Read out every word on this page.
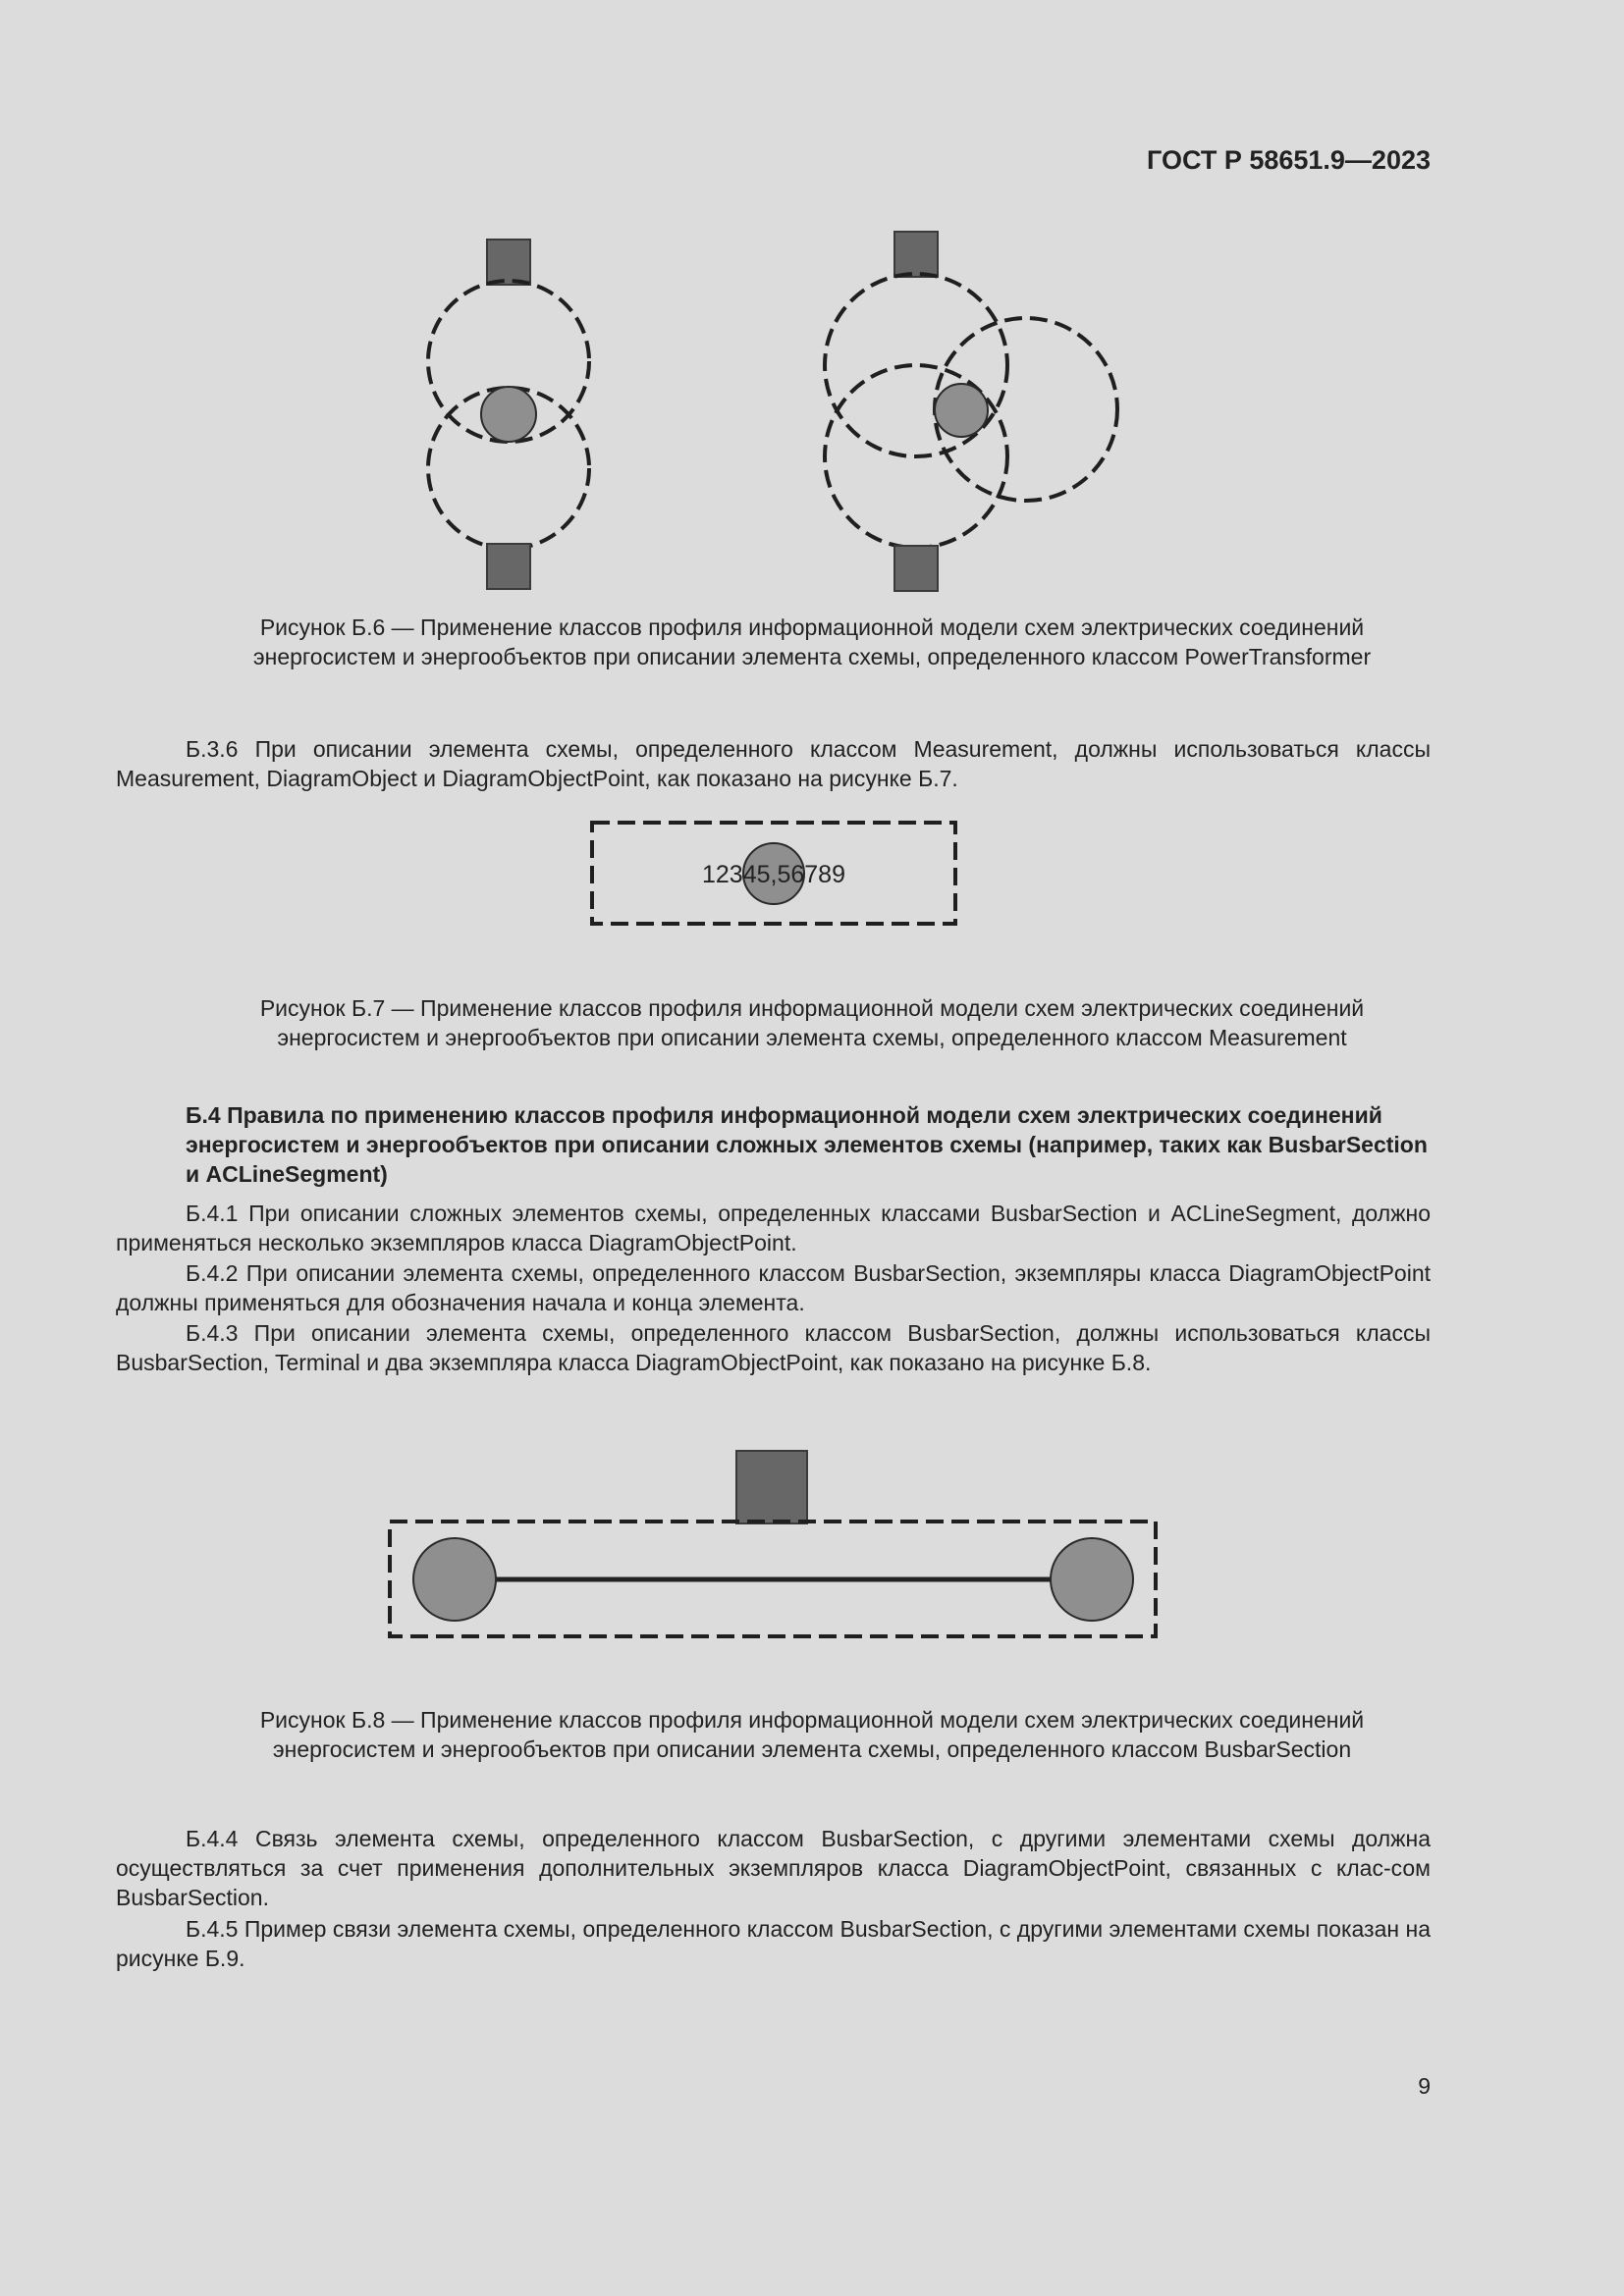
ГОСТ Р 58651.9—2023
Рисунок Б.6 — Применение классов профиля информационной модели схем электрических соединений
энергосистем и энергообъектов при описании элемента схемы, определенного классом PowerTransformer
Б.3.6 При описании элемента схемы, определенного классом Measurement, должны использоваться классы Measurement, DiagramObject и DiagramObjectPoint, как показано на рисунке Б.7.
12345,56789
Рисунок Б.7 — Применение классов профиля информационной модели схем электрических соединений
энергосистем и энергообъектов при описании элемента схемы, определенного классом Measurement
Б.4 Правила по применению классов профиля информационной модели схем электрических соединений энергосистем и энергообъектов при описании сложных элементов схемы (например, таких как BusbarSection и ACLineSegment)
Б.4.1 При описании сложных элементов схемы, определенных классами BusbarSection и ACLineSegment, должно применяться несколько экземпляров класса DiagramObjectPoint.
Б.4.2 При описании элемента схемы, определенного классом BusbarSection, экземпляры класса DiagramObjectPoint должны применяться для обозначения начала и конца элемента.
Б.4.3 При описании элемента схемы, определенного классом BusbarSection, должны использоваться классы BusbarSection, Terminal и два экземпляра класса DiagramObjectPoint, как показано на рисунке Б.8.
Рисунок Б.8 — Применение классов профиля информационной модели схем электрических соединений
энергосистем и энергообъектов при описании элемента схемы, определенного классом BusbarSection
Б.4.4 Связь элемента схемы, определенного классом BusbarSection, с другими элементами схемы должна осуществляться за счет применения дополнительных экземпляров класса DiagramObjectPoint, связанных с клас-сом BusbarSection.
Б.4.5 Пример связи элемента схемы, определенного классом BusbarSection, с другими элементами схемы показан на рисунке Б.9.
9
